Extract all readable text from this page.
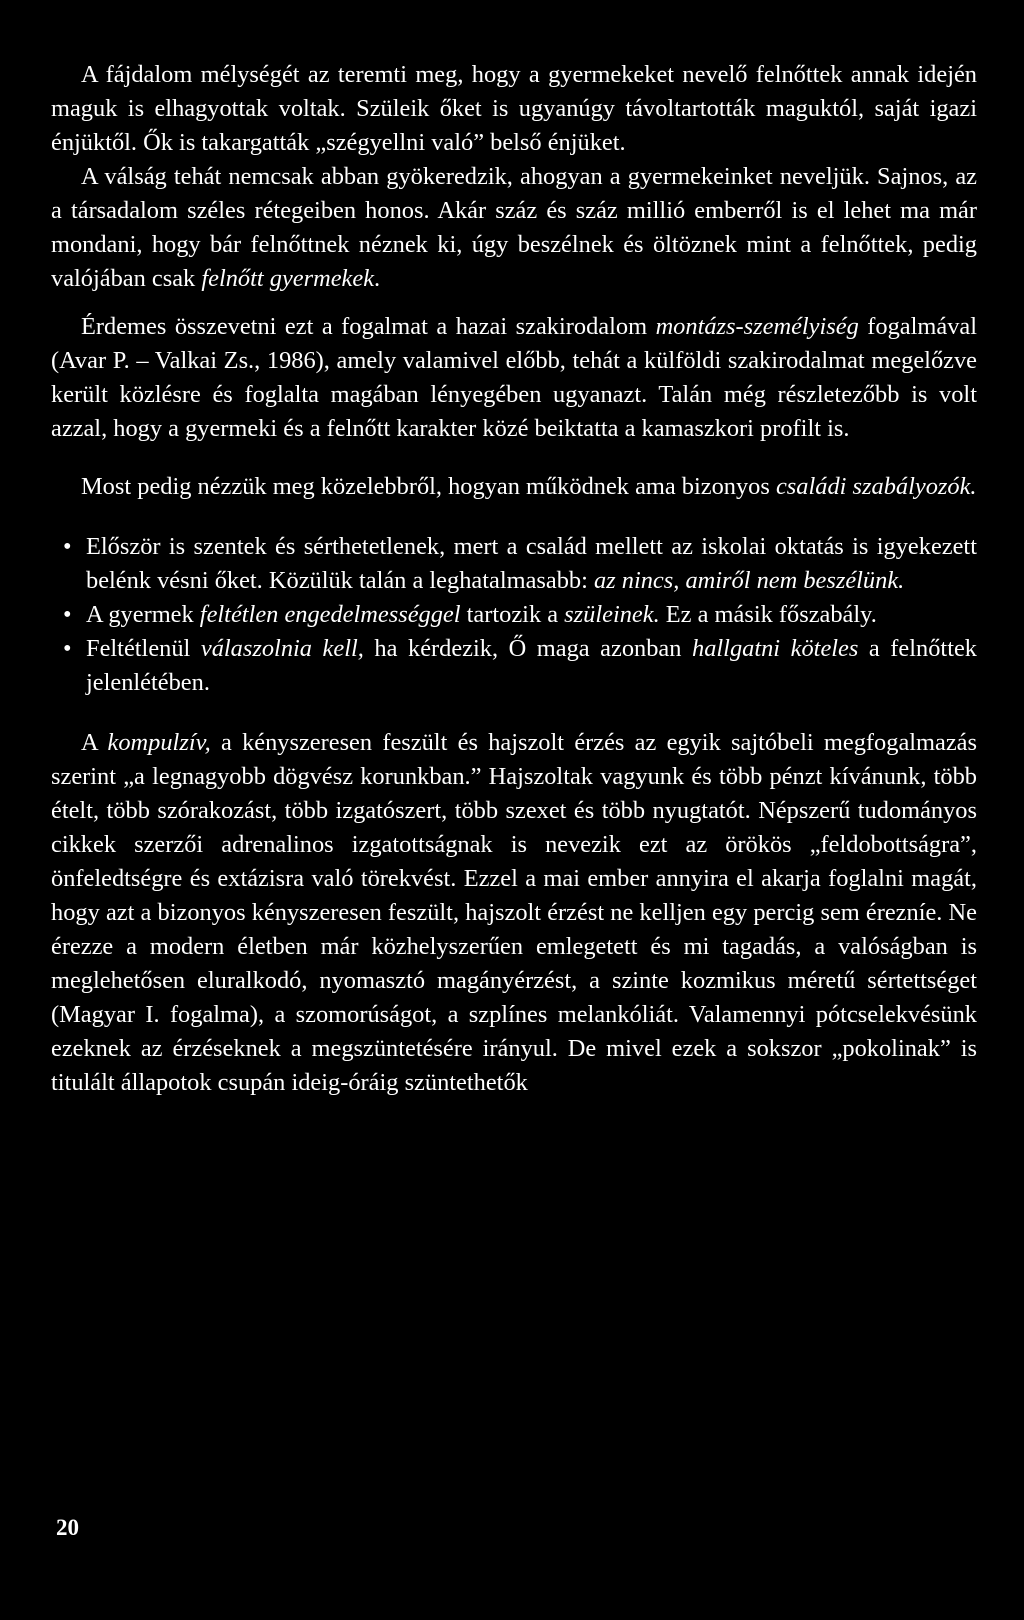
A fájdalom mélységét az teremti meg, hogy a gyermekeket nevelő felnőttek annak idején maguk is elhagyottak voltak. Szüleik őket is ugyanúgy távoltartották maguktól, saját igazi énjüktől. Ők is takargatták „szégyellni való” belső énjüket.

A válság tehát nemcsak abban gyökeredzik, ahogyan a gyermekeinket neveljük. Sajnos, az a társadalom széles rétegeiben honos. Akár száz és száz millió emberről is el lehet ma már mondani, hogy bár felnőttnek néznek ki, úgy beszélnek és öltöznek mint a felnőttek, pedig valójában csak felnőtt gyermekek.

Érdemes összevetni ezt a fogalmat a hazai szakirodalom montázs-személyiség fogalmával (Avar P. – Valkai Zs., 1986), amely valamivel előbb, tehát a külföldi szakirodalmat megelőzve került közlésre és foglalta magában lényegében ugyanazt. Talán még részletezőbb is volt azzal, hogy a gyermeki és a felnőtt karakter közé beiktatta a kamaszkori profilt is.

Most pedig nézzük meg közelebbről, hogyan működnek ama bizonyos családi szabályozók.

• Először is szentek és sérthetetlenek, mert a család mellett az iskolai oktatás is igyekezett belénk vésni őket. Közülük talán a leghatalmasabb: az nincs, amiről nem beszélünk.
• A gyermek feltétlen engedelmességgel tartozik a szüleinek. Ez a másik főszabály.
• Feltétlenül válaszolnia kell, ha kérdezik, Ő maga azonban hallgatni köteles a felnőttek jelenlétében.

A kompulzív, a kényszeresen feszült és hajszolt érzés az egyik sajtóbeli megfogalmazás szerint „a legnagyobb dögvész korunkban.” Hajszoltak vagyunk és több pénzt kívánunk, több ételt, több szórakozást, több izgatószert, több szexet és több nyugtatót. Népszerű tudományos cikkek szerzői adrenalinos izgatottságnak is nevezik ezt az örökös „feldobottságra”, önfeledtségre és extázisra való törekvést. Ezzel a mai ember annyira el akarja foglalni magát, hogy azt a bizonyos kényszeresen feszült, hajszolt érzést ne kelljen egy percig sem érezníe. Ne érezze a modern életben már közhelyszerűen emlegetett és mi tagadás, a valóságban is meglehetősen eluralkodó, nyomasztó magányérzést, a szinte kozmikus méretű sértettséget (Magyar I. fogalma), a szomorúságot, a szplínes melankóliát. Valamennyi pótcselekvésünk ezeknek az érzéseknek a megszüntetésére irányul. De mivel ezek a sokszor „pokolinak” is titulált állapotok csupán ideig-óráig szüntethetők

20
